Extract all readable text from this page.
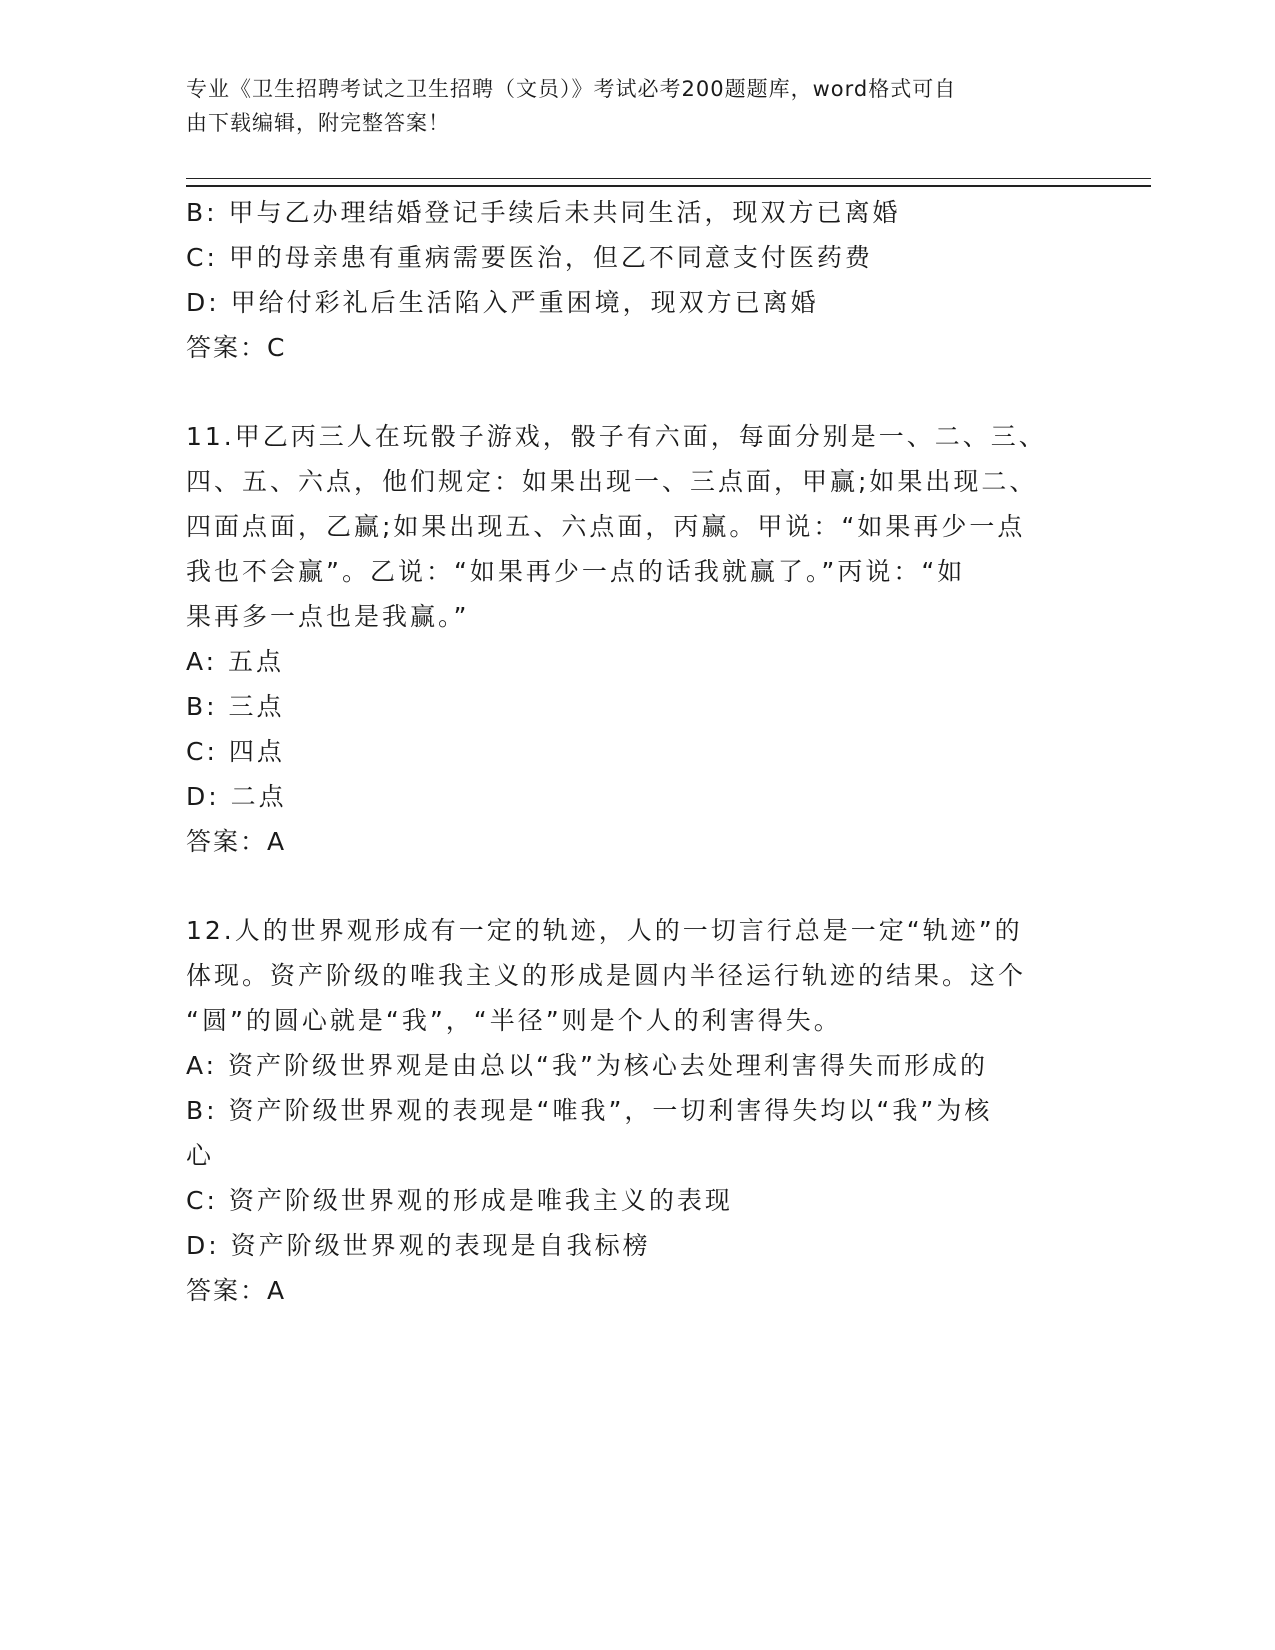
专业《卫生招聘考试之卫生招聘（文员）》考试必考200题题库，word格式可自
由下载编辑，附完整答案！

B: 甲与乙办理结婚登记手续后未共同生活，现双方已离婚

C: 甲的母亲患有重病需要医治，但乙不同意支付医药费

D: 甲给付彩礼后生活陷入严重困境，现双方已离婚

答案：C

11.甲乙丙三人在玩骰子游戏，骰子有六面，每面分别是一、二、三、

四、五、六点，他们规定：如果出现一、三点面，甲赢;如果出现二、

四面点面，乙赢;如果出现五、六点面，丙赢。甲说：“如果再少一点

我也不会赢”。乙说：“如果再少一点的话我就赢了。”丙说：“如

果再多一点也是我赢。”

A: 五点

B: 三点

C: 四点

D: 二点

答案：A

12.人的世界观形成有一定的轨迹，人的一切言行总是一定“轨迹”的

体现。资产阶级的唯我主义的形成是圆内半径运行轨迹的结果。这个

“圆”的圆心就是“我”，“半径”则是个人的利害得失。

A: 资产阶级世界观是由总以“我”为核心去处理利害得失而形成的

B: 资产阶级世界观的表现是“唯我”，一切利害得失均以“我”为核

心

C: 资产阶级世界观的形成是唯我主义的表现

D: 资产阶级世界观的表现是自我标榜

答案：A
